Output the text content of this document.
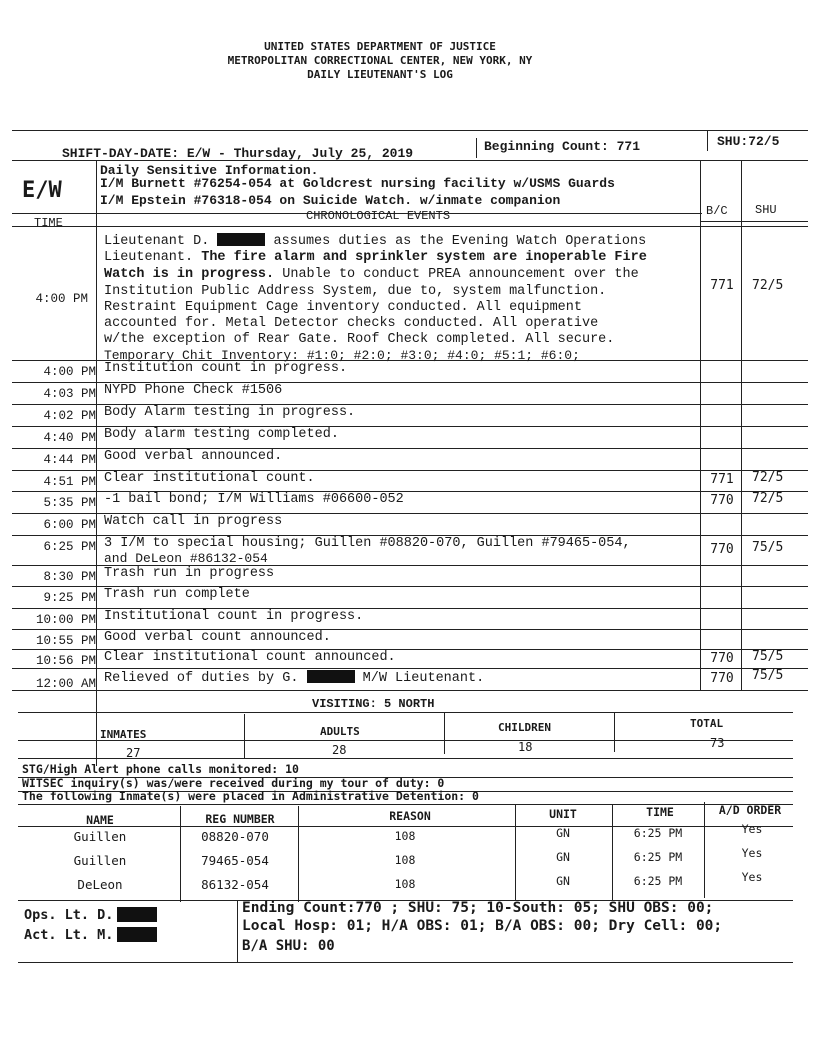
UNITED STATES DEPARTMENT OF JUSTICE
METROPOLITAN CORRECTIONAL CENTER, NEW YORK, NY
DAILY LIEUTENANT'S LOG
SHIFT-DAY-DATE: E/W - Thursday, July 25, 2019	Beginning Count: 771	SHU:72/5
E/W
Daily Sensitive Information.
I/M Burnett #76254-054 at Goldcrest nursing facility w/USMS Guards
I/M Epstein #76318-054 on Suicide Watch. w/inmate companion
TIME	CHRONOLOGICAL EVENTS	B/C SHU
4:00 PM
Lieutenant D.	assumes duties as the Evening Watch Operations
Lieutenant. The fire alarm and sprinkler system are inoperable Fire
Watch is in progress. Unable to conduct PREA announcement over the
Institution Public Address System, due to, system malfunction.
Restraint Equipment Cage inventory conducted. All equipment
accounted for. Metal Detector checks conducted. All operative
w/the exception of Rear Gate. Roof Check completed. All secure.
Temporary Chit Inventory: #1:0; #2:0; #3:0; #4:0; #5:1; #6:0;
771	72/5
4:00 PM Institution count in progress.
4:03 PM NYPD Phone Check #1506
4:02 PM Body Alarm testing in progress.
4:40 PM Body alarm testing completed.
4:44 PM Good verbal announced.
4:51 PM Clear institutional count.	771	72/5
5:35 PM -1 bail bond; I/M Williams #06600-052	770	72/5
6:00 PM Watch call in progress
6:25 PM 3 I/M to special housing; Guillen #08820-070, Guillen #79465-054,
and DeLeon #86132-054
770	75/5
8:30 PM Trash run in progress
9:25 PM Trash run complete
10:00 PM Institutional count in progress.
10:55 PM Good verbal count announced.
10:56 PM Clear institutional count announced.	770	75/5
12:00 AM Relieved of duties by G.	M/W Lieutenant.	770	75/5
VISITING: 5 NORTH
INMATES	ADULTS	CHILDREN	TOTAL
27	28	18	73
STG/High Alert phone calls monitored: 10
WITSEC inquiry(s) was/were received during my tour of duty: 0
The following Inmate(s) were placed in Administrative Detention: 0
NAME	REG NUMBER	REASON	UNIT	TIME	A/D ORDER
Guillen	08820-070	108	GN	6:25 PM	Yes
Guillen	79465-054	108	GN	6:25 PM	Yes
DeLeon	86132-054	108	GN	6:25 PM	Yes
Ops. Lt. D.
Act. Lt. M.
Ending Count:770 ; SHU: 75; 10-South: 05; SHU OBS: 00;
Local Hosp: 01; H/A OBS: 01; B/A OBS: 00; Dry Cell: 00;
B/A SHU: 00
